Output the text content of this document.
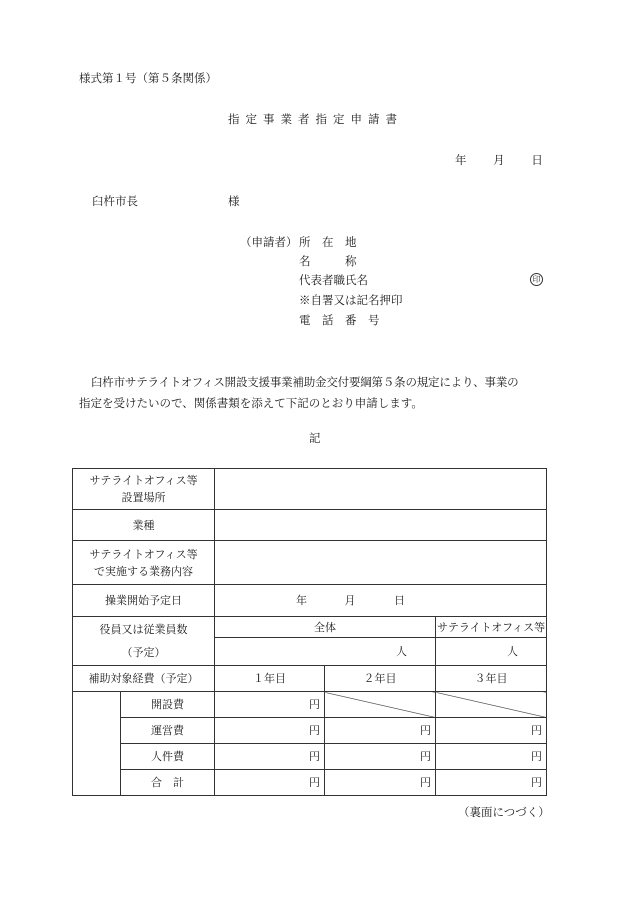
様式第１号（第５条関係）
指定事業者指定申請書
年 月 日
臼杵市長	様
（申請者） 所　在　地
名　　　称
代表者職氏名	印
※自署又は記名押印
電　話　番　号
臼杵市サテライトオフィス開設支援事業補助金交付要綱第５条の規定により、事業の
指定を受けたいので、関係書類を添えて下記のとおり申請します。
記
サテライトオフィス等
設置場所				

業種				

サテライトオフィス等
で実施する業務内容				

操業開始予定日		年 月 日		

役員又は従業員数
（予定）		全体		サテライトオフィス等
		人		人
補助対象経費（予定）		１年目	２年目	３年目
	開設費	円		
	運営費	円	円	円
	人件費	円	円	円
	合　計	円	円	円
（裏面につづく）
